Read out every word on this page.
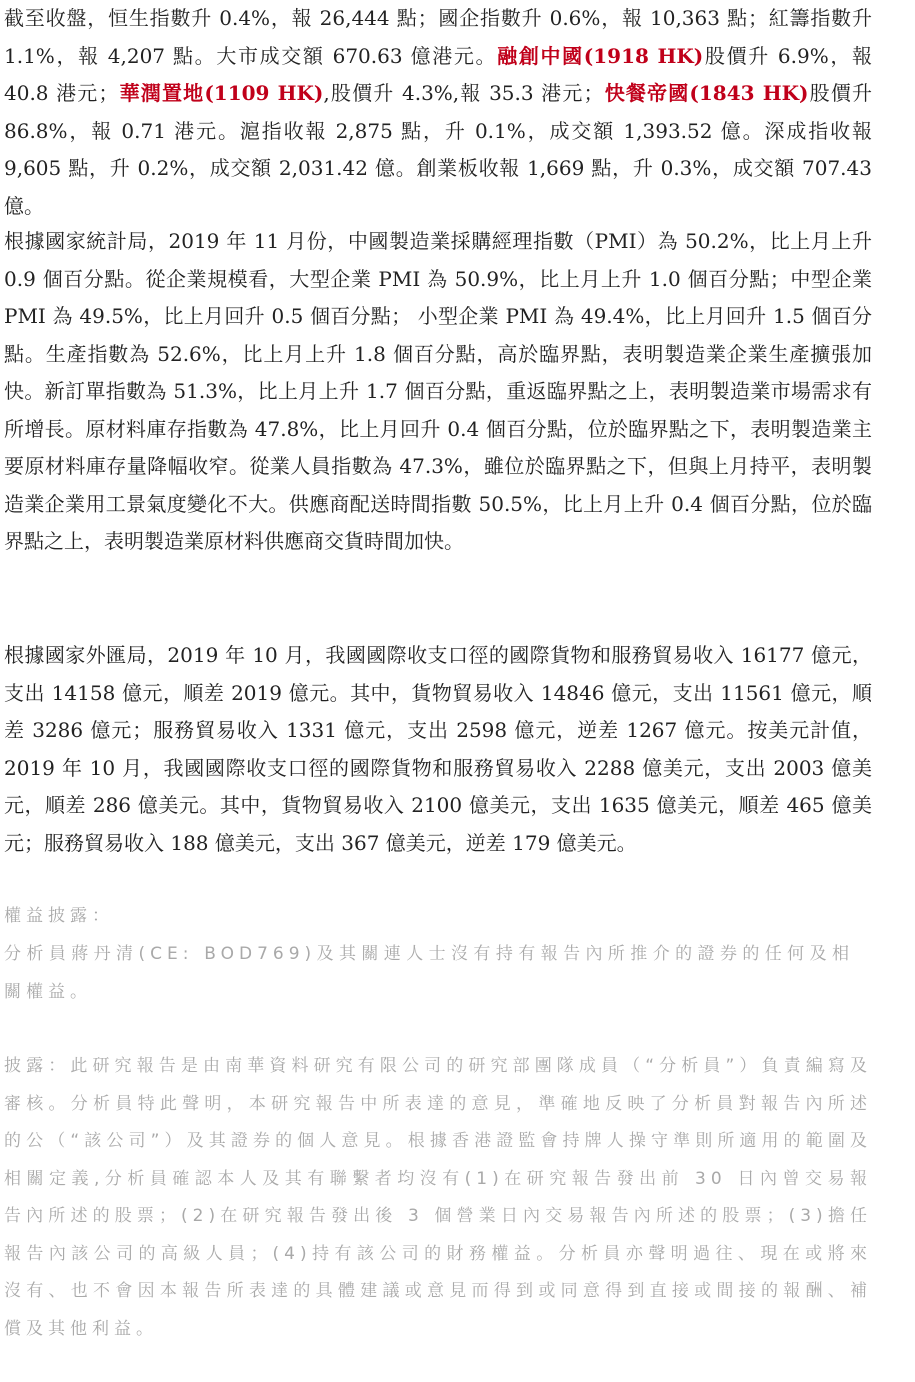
截至收盤，恒生指數升 0.4%，報 26,444 點；國企指數升 0.6%，報 10,363 點；紅籌指數升 1.1%，報 4,207 點。大市成交額 670.63 億港元。融創中國(1918 HK)股價升 6.9%，報 40.8 港元；華潤置地(1109 HK),股價升 4.3%,報 35.3 港元；快餐帝國(1843 HK)股價升 86.8%，報 0.71 港元。滬指收報 2,875 點，升 0.1%，成交額 1,393.52 億。深成指收報 9,605 點，升 0.2%，成交額 2,031.42 億。創業板收報 1,669 點，升 0.3%，成交額 707.43 億。

根據國家統計局，2019 年 11 月份，中國製造業採購經理指數（PMI）為 50.2%，比上月上升 0.9 個百分點。從企業規模看，大型企業 PMI 為 50.9%，比上月上升 1.0 個百分點；中型企業 PMI 為 49.5%，比上月回升 0.5 個百分點； 小型企業 PMI 為 49.4%，比上月回升 1.5 個百分點。生產指數為 52.6%，比上月上升 1.8 個百分點，高於臨界點，表明製造業企業生產擴張加快。新訂單指數為 51.3%，比上月上升 1.7 個百分點，重返臨界點之上，表明製造業市場需求有所增長。原材料庫存指數為 47.8%，比上月回升 0.4 個百分點，位於臨界點之下，表明製造業主要原材料庫存量降幅收窄。從業人員指數為 47.3%，雖位於臨界點之下，但與上月持平，表明製造業企業用工景氣度變化不大。供應商配送時間指數 50.5%，比上月上升 0.4 個百分點，位於臨界點之上，表明製造業原材料供應商交貨時間加快。

根據國家外匯局，2019 年 10 月，我國國際收支口徑的國際貨物和服務貿易收入 16177 億元，支出 14158 億元，順差 2019 億元。其中，貨物貿易收入 14846 億元，支出 11561 億元，順差 3286 億元；服務貿易收入 1331 億元，支出 2598 億元，逆差 1267 億元。按美元計值，2019 年 10 月，我國國際收支口徑的國際貨物和服務貿易收入 2288 億美元，支出 2003 億美元，順差 286 億美元。其中，貨物貿易收入 2100 億美元，支出 1635 億美元，順差 465 億美元；服務貿易收入 188 億美元，支出 367 億美元，逆差 179 億美元。

權益披露：

分析員蔣丹清(CE: BOD769)及其關連人士沒有持有報告內所推介的證券的任何及相關權益。

披露：此研究報告是由南華資料研究有限公司的研究部團隊成員（“分析員”）負責編寫及審核。分析員特此聲明，本研究報告中所表達的意見，準確地反映了分析員對報告內所述的公（“該公司”）及其證券的個人意見。根據香港證監會持牌人操守準則所適用的範圍及相關定義,分析員確認本人及其有聯繫者均沒有(1)在研究報告發出前 30 日內曾交易報告內所述的股票；(2)在研究報告發出後 3 個營業日內交易報告內所述的股票；(3)擔任報告內該公司的高級人員；(4)持有該公司的財務權益。分析員亦聲明過往、現在或將來沒有、也不會因本報告所表達的具體建議或意見而得到或同意得到直接或間接的報酬、補償及其他利益。
